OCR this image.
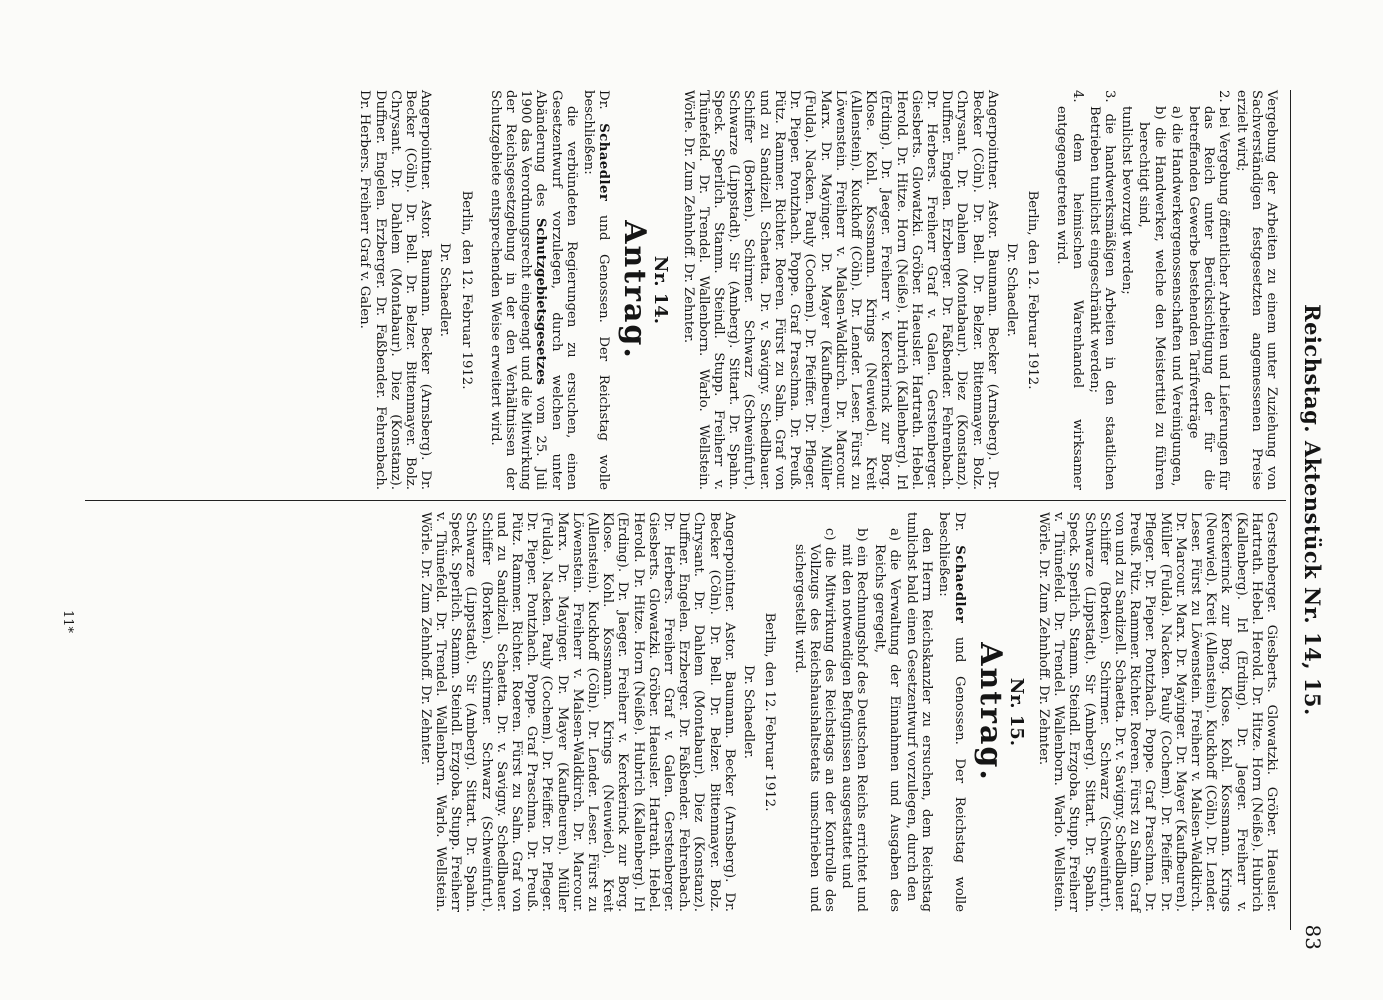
Reichstag. Aktenstück Nr. 14, 15.
83

Vergebung der Arbeiten zu einem unter Zuziehung von Sachverständigen festgesetzten angemessenen Preise erzielt wird;

2. bei Vergebung öffentlicher Arbeiten und Lieferungen für das Reich unter Berücksichtigung der für die betreffenden Gewerbe bestehenden Tarifverträge

a) die Handwerkergenossenschaften und Vereinigungen,

b) die Handwerker, welche den Meistertitel zu führen berechtigt sind,

tunlichst bevorzugt werden;

3. die handwerksmäßigen Arbeiten in den staatlichen Betrieben tunlichst eingeschränkt werden;

4. dem heimischen Warenhandel wirksamer entgegengetreten wird.

Berlin, den 12. Februar 1912.

Dr. Schaedler.

Angerpointner. Astor. Baumann. Becker (Arnsberg). Dr. Becker (Cöln). Dr. Bell. Dr. Belzer. Bittenmayer. Bolz. Chrysant. Dr. Dahlem (Montabaur). Diez (Konstanz). Duffner. Engelen. Erzberger. Dr. Faßbender. Fehrenbach. Dr. Herbers. Freiherr Graf v. Galen. Gerstenberger. Giesberts. Glowatzki. Gröber. Haeusler. Hartrath. Hebel. Herold. Dr. Hitze. Horn (Neiße). Hubrich (Kallenberg). Irl (Erding). Dr. Jaeger. Freiherr v. Kerckerinck zur Borg. Klose. Kohl. Kossmann. Krings (Neuwied). Kreit (Allenstein). Kuckhoff (Cöln). Dr. Lender. Leser. Fürst zu Löwenstein. Freiherr v. Malsen-Waldkirch. Dr. Marcour. Marx. Dr. Mayinger. Dr. Mayer (Kaufbeuren). Müller (Fulda). Nacken. Pauly (Cochem). Dr. Pfeiffer. Dr. Pfleger. Dr. Pieper. Pontzhach. Poppe. Graf Praschma. Dr. Preuß. Pütz. Rammer. Richter. Roeren. Fürst zu Salm. Graf von und zu Sandizell. Schaetta. Dr. v. Savigny. Schedlbauer. Schiffer (Borken). Schirmer. Schwarz (Schweinfurt). Schwarze (Lippstadt). Sir (Amberg). Sittart. Dr. Spahn. Speck. Sperlich. Stamm. Steindl. Stupp. Freiherr v. Thünefeld. Dr. Trendel. Wallenborn. Warlo. Wellstein. Wörle. Dr. Zum Zehnhoff. Dr. Zehnter.

Nr. 14.

Antrag.

Dr. Schaedler und Genossen. Der Reichstag wolle beschließen:

die verbündeten Regierungen zu ersuchen, einen Gesetzentwurf vorzulegen, durch welchen unter Abänderung des Schutzgebietsgesetzes vom 25. Juli 1900 das Verordnungsrecht eingeengt und die Mitwirkung der Reichsgesetzgebung in der den Verhältnissen der Schutzgebiete entsprechenden Weise erweitert wird.

Berlin, den 12. Februar 1912.

Dr. Schaedler.

Angerpointner. Astor. Baumann. Becker (Arnsberg). Dr. Becker (Cöln). Dr. Bell. Dr. Belzer. Bittenmayer. Bolz. Chrysant. Dr. Dahlem (Montabaur). Diez (Konstanz). Duffner. Engelen. Erzberger. Dr. Faßbender. Fehrenbach. Dr. Herbers. Freiherr Graf v. Galen.

Gerstenberger. Giesberts. Glowatzki. Gröber. Haeusler. Hartrath. Hebel. Herold. Dr. Hitze. Horn (Neiße). Hubrich (Kallenberg). Irl (Erding). Dr. Jaeger. Freiherr v. Kerckerinck zur Borg. Klose. Kohl. Kossmann. Krings (Neuwied). Kreit (Allenstein). Kuckhoff (Cöln). Dr. Lender. Leser. Fürst zu Löwenstein. Freiherr v. Malsen-Waldkirch. Dr. Marcour. Marx. Dr. Mayinger. Dr. Mayer (Kaufbeuren). Müller (Fulda). Nacken. Pauly (Cochem). Dr. Pfeiffer. Dr. Pfleger. Dr. Pieper. Pontzhach. Poppe. Graf Praschma. Dr. Preuß. Pütz. Rammer. Richter. Roeren. Fürst zu Salm. Graf von und zu Sandizell. Schaetta. Dr. v. Savigny. Schedlbauer. Schiffer (Borken). Schirmer. Schwarz (Schweinfurt). Schwarze (Lippstadt). Sir (Amberg). Sittart. Dr. Spahn. Speck. Sperlich. Stamm. Steindl. Erzgoba. Stupp. Freiherr v. Thünefeld. Dr. Trendel. Wallenborn. Warlo. Wellstein. Wörle. Dr. Zum Zehnhoff. Dr. Zehnter.

Nr. 15.

Antrag.

Dr. Schaedler und Genossen. Der Reichstag wolle beschließen:

den Herrn Reichskanzler zu ersuchen, dem Reichstag tunlichst bald einen Gesetzentwurf vorzulegen, durch den

a) die Verwaltung der Einnahmen und Ausgaben des Reichs geregelt,

b) ein Rechnungshof des Deutschen Reichs errichtet und mit den notwendigen Befugnissen ausgestattet und

c) die Mitwirkung des Reichstags an der Kontrolle des Vollzugs des Reichshaushaltsetats umschrieben und sichergestellt wird.

Berlin, den 12. Februar 1912.

Dr. Schaedler.

Angerpointner. Astor. Baumann. Becker (Arnsberg). Dr. Becker (Cöln). Dr. Bell. Dr. Belzer. Bittenmayer. Bolz. Chrysant. Dr. Dahlem (Montabaur). Diez (Konstanz). Duffner. Engelen. Erzberger. Dr. Faßbender. Fehrenbach. Dr. Herbers. Freiherr Graf v. Galen. Gerstenberger. Giesberts. Glowatzki. Gröber. Haeusler. Hartrath. Hebel. Herold. Dr. Hitze. Horn (Neiße). Hubrich (Kallenberg). Irl (Erding). Dr. Jaeger. Freiherr v. Kerckerinck zur Borg. Klose. Kohl. Kossmann. Krings (Neuwied). Kreit (Allenstein). Kuckhoff (Cöln). Dr. Lender. Leser. Fürst zu Löwenstein. Freiherr v. Malsen-Waldkirch. Dr. Marcour. Marx. Dr. Mayinger. Dr. Mayer (Kaufbeuren). Müller (Fulda). Nacken. Pauly (Cochem). Dr. Pfeiffer. Dr. Pfleger. Dr. Pieper. Pontzhach. Poppe. Graf Praschma. Dr. Preuß. Pütz. Rammer. Richter. Roeren. Fürst zu Salm. Graf von und zu Sandizell. Schaetta. Dr. v. Savigny. Schedlbauer. Schiffer (Borken). Schirmer. Schwarz (Schweinfurt). Schwarze (Lippstadt). Sir (Amberg). Sittart. Dr. Spahn. Speck. Sperlich. Stamm. Steindl. Erzgoba. Stupp. Freiherr v. Thünefeld. Dr. Trendel. Wallenborn. Warlo. Wellstein. Wörle. Dr. Zum Zehnhoff. Dr. Zehnter.

11*
